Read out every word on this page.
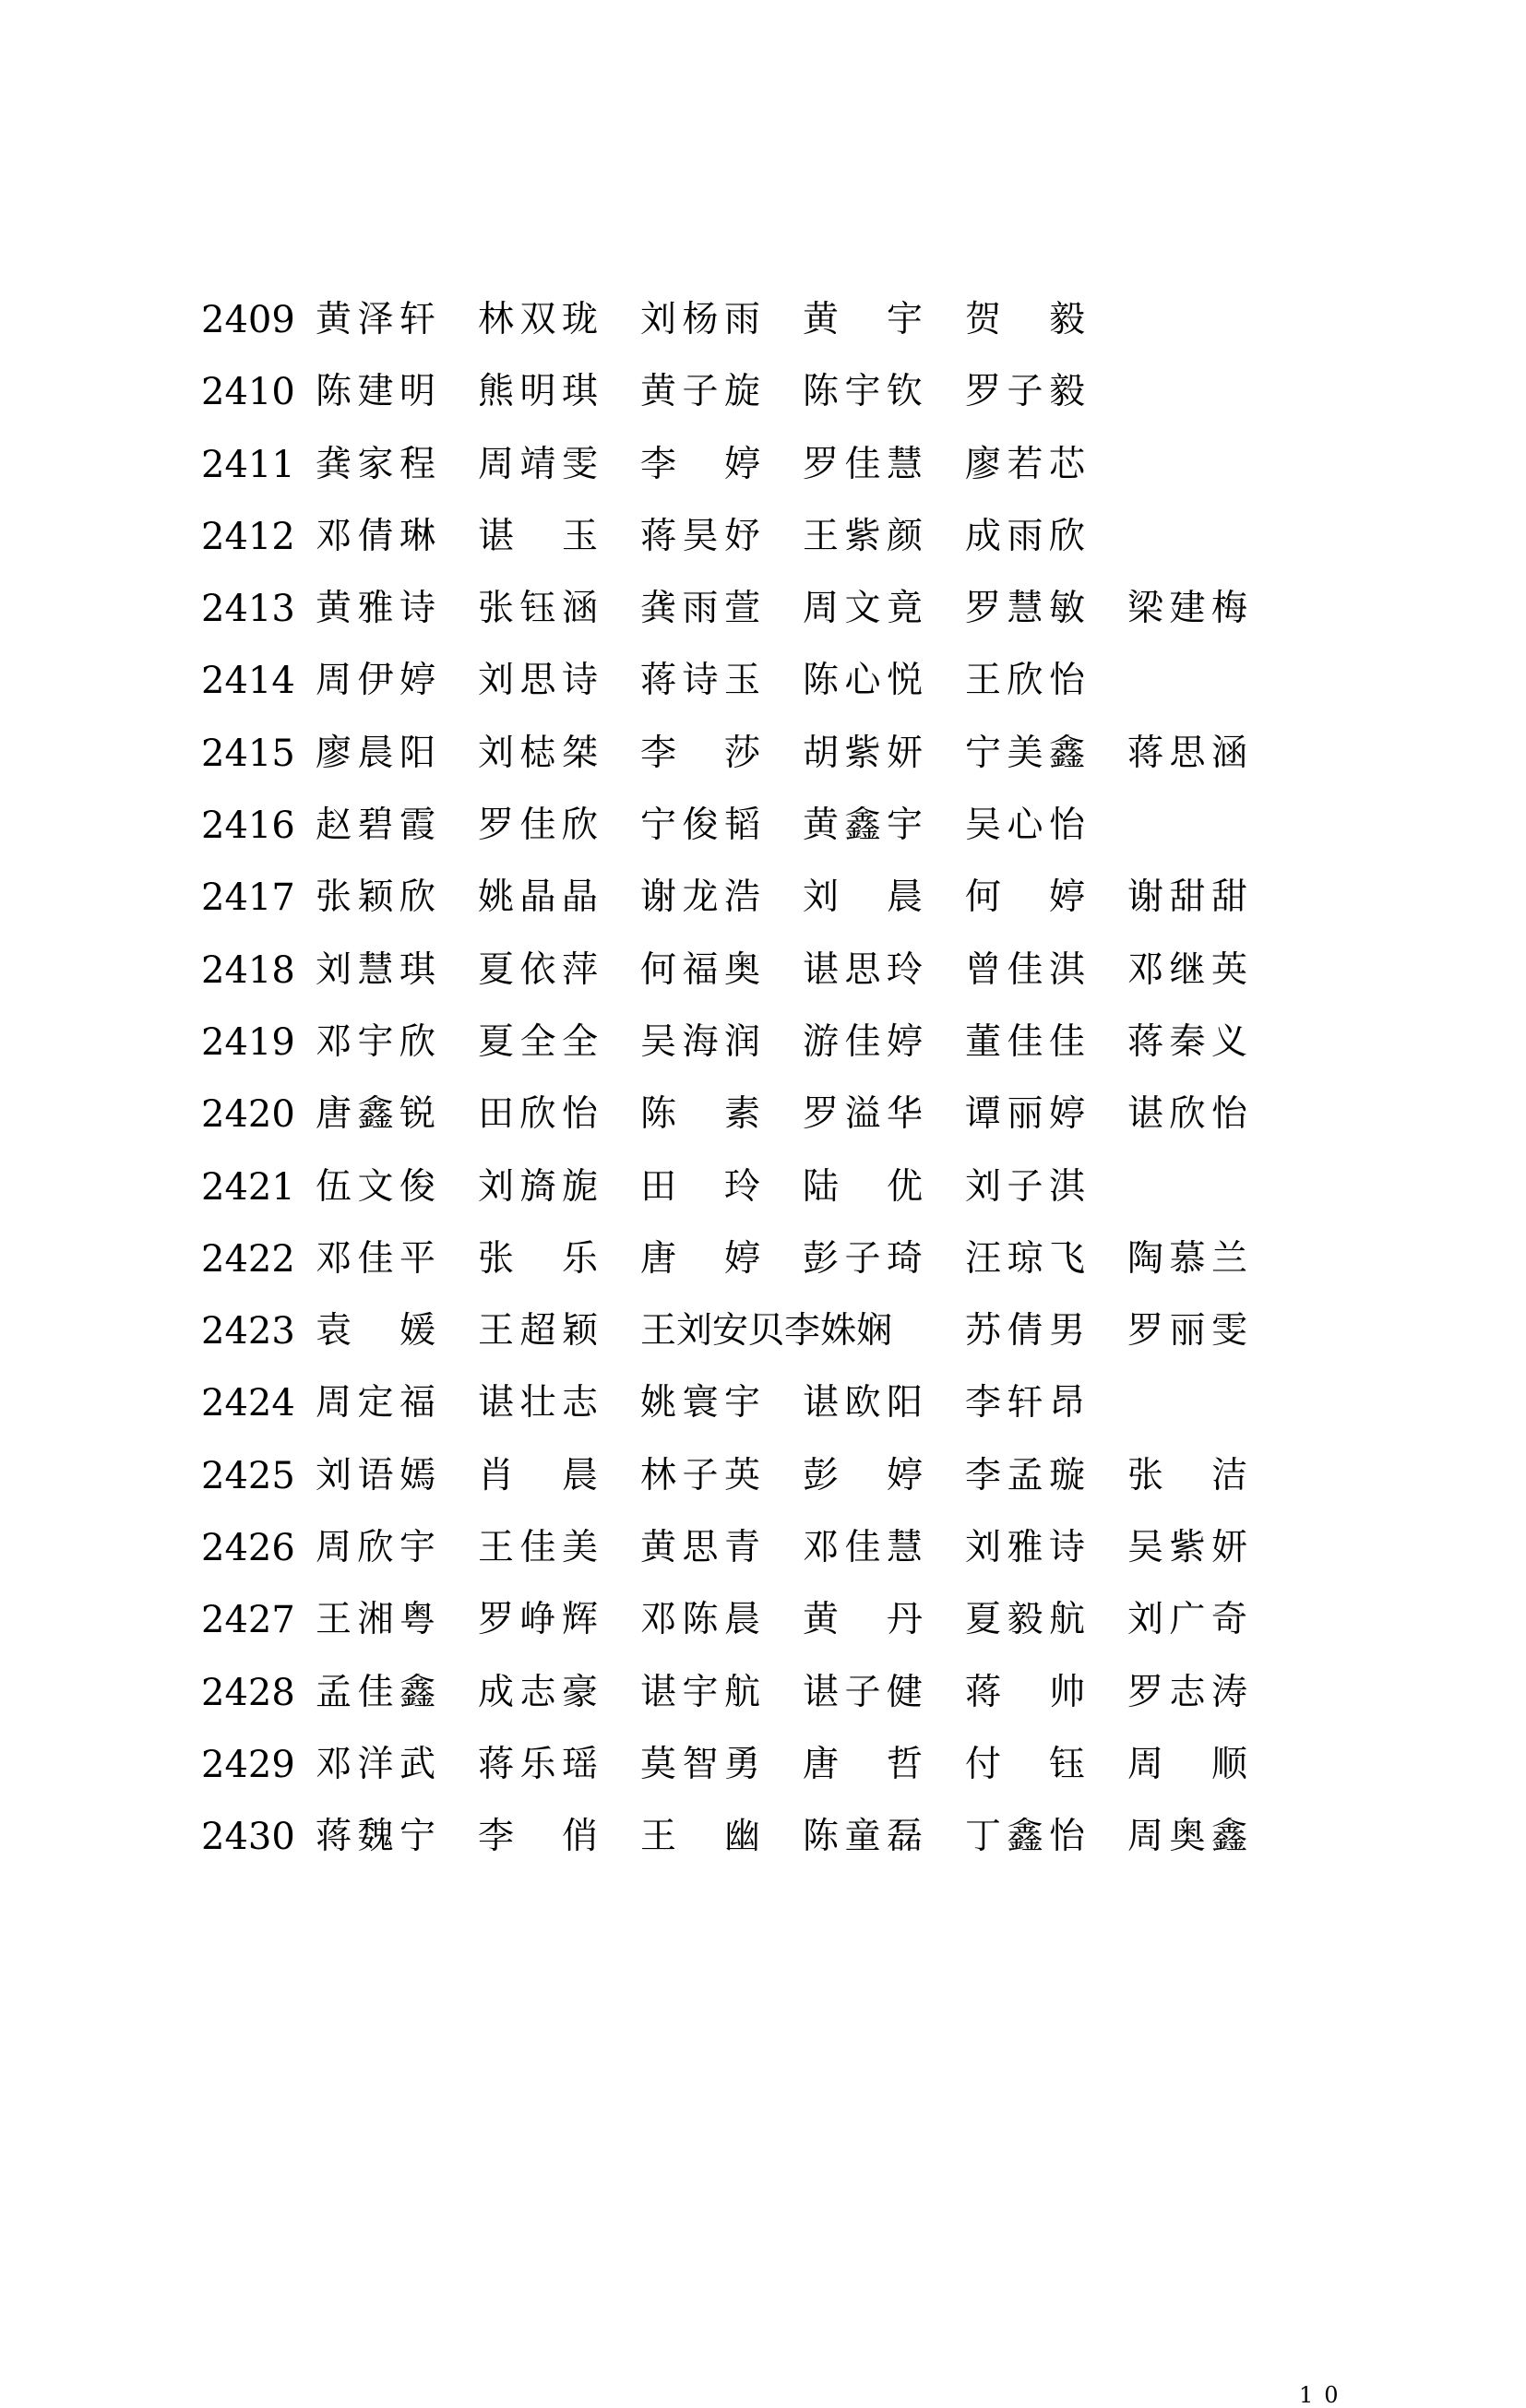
2409 黄泽轩 林双珑 刘杨雨 黄　宇 贺　毅
2410 陈建明 熊明琪 黄子旋 陈宇钦 罗子毅
2411 龚家程 周靖雯 李　婷 罗佳慧 廖若芯
2412 邓倩琳 谌　玉 蒋昊妤 王紫颜 成雨欣
2413 黄雅诗 张钰涵 龚雨萱 周文竟 罗慧敏 梁建梅
2414 周伊婷 刘思诗 蒋诗玉 陈心悦 王欣怡
2415 廖晨阳 刘梽桀 李　莎 胡紫妍 宁美鑫 蒋思涵
2416 赵碧霞 罗佳欣 宁俊韬 黄鑫宇 吴心怡
2417 张颖欣 姚晶晶 谢龙浩 刘　晨 何　婷 谢甜甜
2418 刘慧琪 夏依萍 何福奥 谌思玲 曾佳淇 邓继英
2419 邓宇欣 夏全全 吴海润 游佳婷 董佳佳 蒋秦义
2420 唐鑫锐 田欣怡 陈　素 罗溢华 谭丽婷 谌欣怡
2421 伍文俊 刘旖旎 田　玲 陆　优 刘子淇
2422 邓佳平 张　乐 唐　婷 彭子琦 汪琼飞 陶慕兰
2423 袁　媛 王超颖 王刘安贝李姝娴	苏倩男 罗丽雯
2424 周定福 谌壮志 姚寰宇 谌欧阳 李轩昂
2425 刘语嫣 肖　晨 林子英 彭　婷 李孟璇 张　洁
2426 周欣宇 王佳美 黄思青 邓佳慧 刘雅诗 吴紫妍
2427 王湘粤 罗峥辉 邓陈晨 黄　丹 夏毅航 刘广奇
2428 孟佳鑫 成志豪 谌宇航 谌子健 蒋　帅 罗志涛
2429 邓洋武 蒋乐瑶 莫智勇 唐　哲 付　钰 周　顺
2430 蒋魏宁 李　俏 王　幽 陈童磊 丁鑫怡 周奥鑫
10
